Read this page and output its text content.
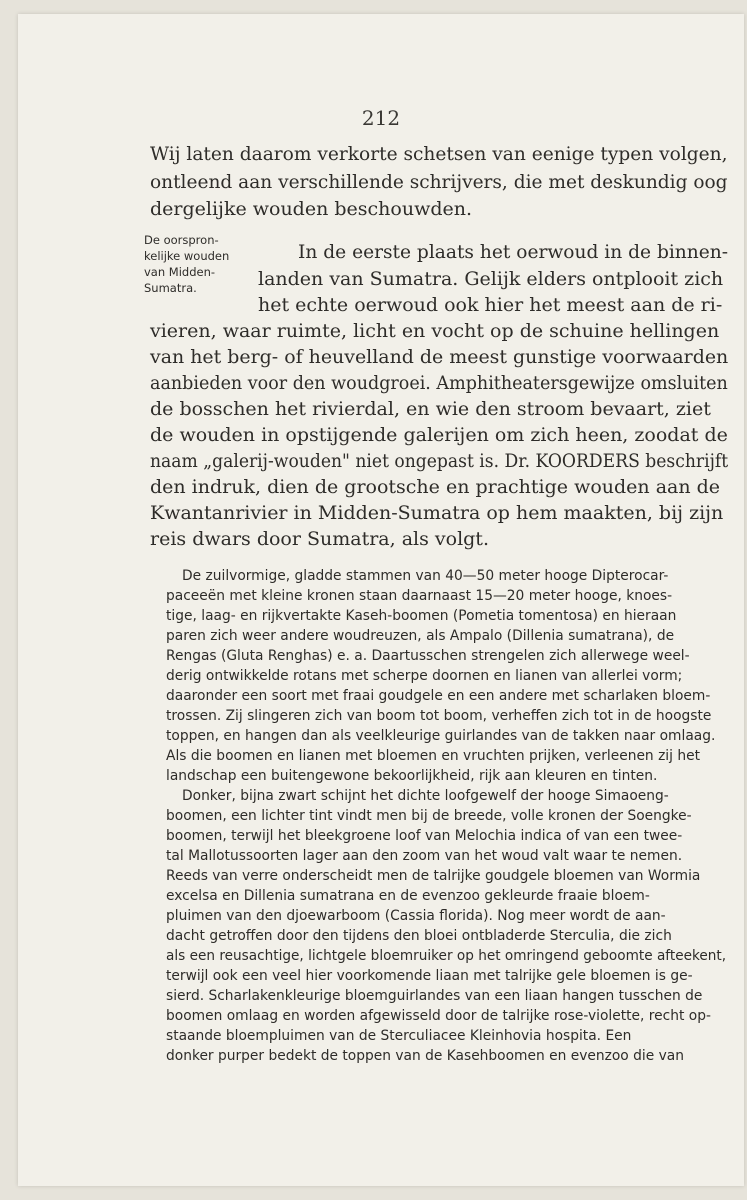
212
De oorspron-
kelijke wouden
van Midden-
Sumatra.
Wij laten daarom verkorte schetsen van eenige typen volgen,
ontleend aan verschillende schrijvers, die met deskundig oog
dergelijke wouden beschouwden.
In de eerste plaats het oerwoud in de binnen-
landen van Sumatra. Gelijk elders ontplooit zich
het echte oerwoud ook hier het meest aan de ri-
vieren, waar ruimte, licht en vocht op de schuine hellingen
van het berg- of heuvelland de meest gunstige voorwaarden
aanbieden voor den woudgroei. Amphitheatersgewijze omsluiten
de bosschen het rivierdal, en wie den stroom bevaart, ziet
de wouden in opstijgende galerijen om zich heen, zoodat de
naam „galerij-wouden" niet ongepast is. Dr. KOORDERS beschrijft
den indruk, dien de grootsche en prachtige wouden aan de
Kwantanrivier in Midden-Sumatra op hem maakten, bij zijn
reis dwars door Sumatra, als volgt.
De zuilvormige, gladde stammen van 40—50 meter hooge Dipterocar-
paceeën met kleine kronen staan daarnaast 15—20 meter hooge, knoes-
tige, laag- en rijkvertakte Kaseh-boomen (Pometia tomentosa) en hieraan
paren zich weer andere woudreuzen, als Ampalo (Dillenia sumatrana), de
Rengas (Gluta Renghas) e. a. Daartusschen strengelen zich allerwege weel-
derig ontwikkelde rotans met scherpe doornen en lianen van allerlei vorm;
daaronder een soort met fraai goudgele en een andere met scharlaken bloem-
trossen. Zij slingeren zich van boom tot boom, verheffen zich tot in de hoogste
toppen, en hangen dan als veelkleurige guirlandes van de takken naar omlaag.
Als die boomen en lianen met bloemen en vruchten prijken, verleenen zij het
landschap een buitengewone bekoorlijkheid, rijk aan kleuren en tinten.
Donker, bijna zwart schijnt het dichte loofgewelf der hooge Simaoeng-
boomen, een lichter tint vindt men bij de breede, volle kronen der Soengke-
boomen, terwijl het bleekgroene loof van Melochia indica of van een twee-
tal Mallotussoorten lager aan den zoom van het woud valt waar te nemen.
Reeds van verre onderscheidt men de talrijke goudgele bloemen van Wormia
excelsa en Dillenia sumatrana en de evenzoo gekleurde fraaie bloem-
pluimen van den djoewarboom (Cassia florida). Nog meer wordt de aan-
dacht getroffen door den tijdens den bloei ontbladerde Sterculia, die zich
als een reusachtige, lichtgele bloemruiker op het omringend geboomte afteekent,
terwijl ook een veel hier voorkomende liaan met talrijke gele bloemen is ge-
sierd. Scharlakenkleurige bloemguirlandes van een liaan hangen tusschen de
boomen omlaag en worden afgewisseld door de talrijke rose-violette, recht op-
staande bloempluimen van de Sterculiacee Kleinhovia hospita. Een
donker purper bedekt de toppen van de Kasehboomen en evenzoo die van
